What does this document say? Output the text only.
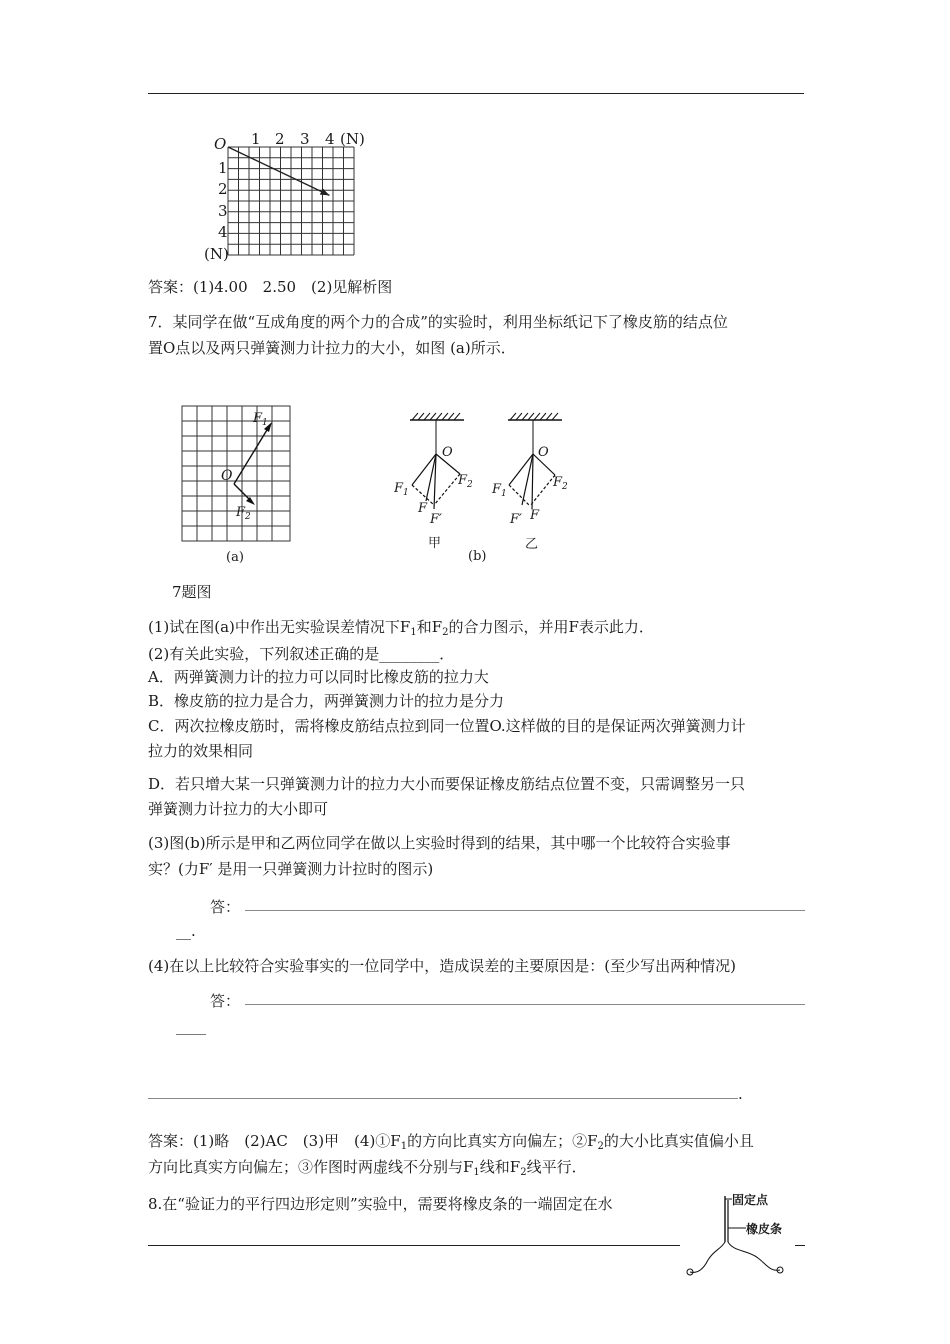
O 1 2 3 4 (N)
1
2
3
4
(N)
答案：(1)4.00　2.50　(2)见解析图
7．某同学在做“互成角度的两个力的合成”的实验时，利用坐标纸记下了橡皮筋的结点位
置O点以及两只弹簧测力计拉力的大小，如图 (a)所示．
$F_1$
O
$F_2$
(a)
O
$F_1$
$F_2$
F
F′
O
$F_1$
$F_2$
F′ F
甲
(b)
乙
7题图
(1)试在图(a)中作出无实验误差情况下$F_1$和$F_2$的合力图示，并用F表示此力．
(2)有关此实验，下列叙述正确的是________．
A．两弹簧测力计的拉力可以同时比橡皮筋的拉力大
B．橡皮筋的拉力是合力，两弹簧测力计的拉力是分力
C．两次拉橡皮筋时，需将橡皮筋结点拉到同一位置O.这样做的目的是保证两次弹簧测力计
拉力的效果相同
D．若只增大某一只弹簧测力计的拉力大小而要保证橡皮筋结点位置不变，只需调整另一只
弹簧测力计拉力的大小即可
(3)图(b)所示是甲和乙两位同学在做以上实验时得到的结果，其中哪一个比较符合实验事
实？(力F′ 是用一只弹簧测力计拉时的图示)
答：
__.
(4)在以上比较符合实验事实的一位同学中，造成误差的主要原因是：(至少写出两种情况)
答：
____
.
答案：(1)略　(2)AC　(3)甲　$(4)①F_1$的方向比真实方向偏左；$②F_2$的大小比真实值偏小且
方向比真实方向偏左；③作图时两虚线不分别与$F_1$线和$F_2$线平行．
8.在“验证力的平行四边形定则”实验中，需要将橡皮条的一端固定在水	固定点
橡皮条
